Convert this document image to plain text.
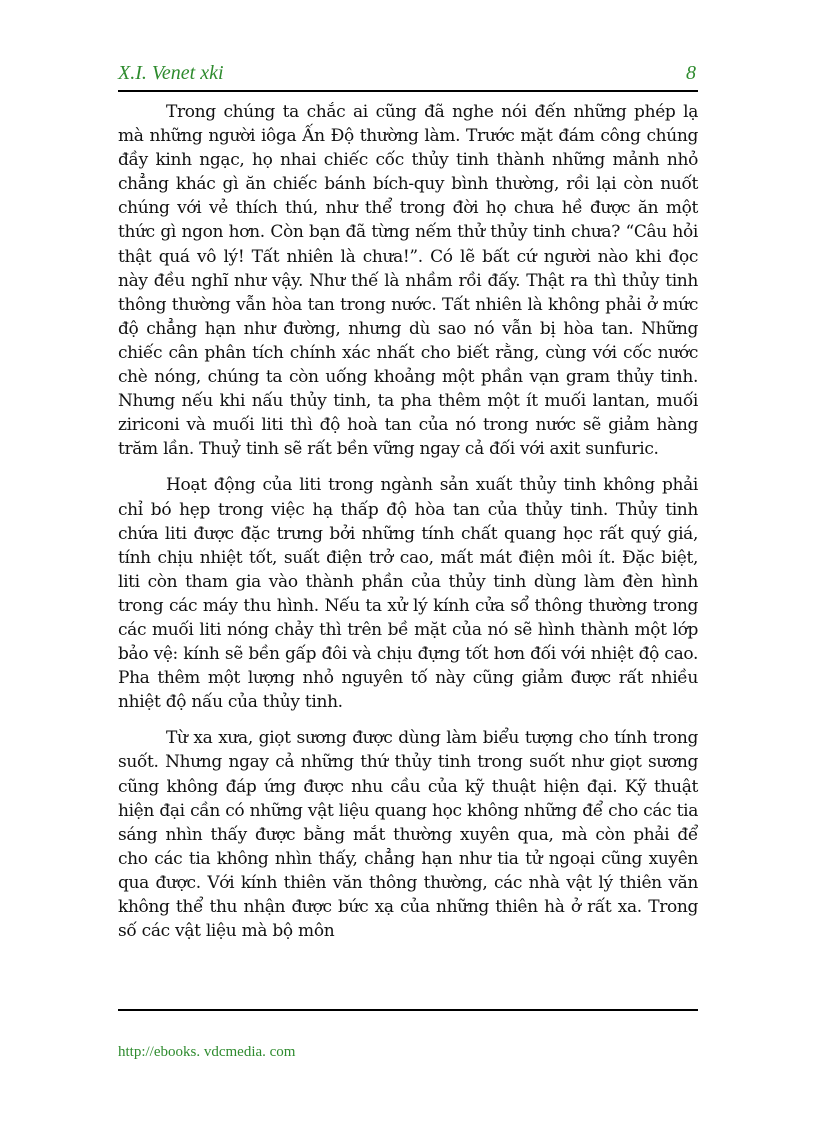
X.I. Venet xki	8

Trong chúng ta chắc ai cũng đã nghe nói đến những phép lạ mà những người iôga Ấn Độ thường làm. Trước mặt đám công chúng đầy kinh ngạc, họ nhai chiếc cốc thủy tinh thành những mảnh nhỏ chẳng khác gì ăn chiếc bánh bích-quy bình thường, rồi lại còn nuốt chúng với vẻ thích thú, như thể trong đời họ chưa hề được ăn một thức gì ngon hơn. Còn bạn đã từng nếm thử thủy tinh chưa? “Câu hỏi thật quá vô lý! Tất nhiên là chưa!”. Có lẽ bất cứ người nào khi đọc này đều nghĩ như vậy. Như thế là nhầm rồi đấy. Thật ra thì thủy tinh thông thường vẫn hòa tan trong nước. Tất nhiên là không phải ở mức độ chẳng hạn như đường, nhưng dù sao nó vẫn bị hòa tan. Những chiếc cân phân tích chính xác nhất cho biết rằng, cùng với cốc nước chè nóng, chúng ta còn uống khoảng một phần vạn gram thủy tinh. Nhưng nếu khi nấu thủy tinh, ta pha thêm một ít muối lantan, muối ziriconi và muối liti thì độ hoà tan của nó trong nước sẽ giảm hàng trăm lần. Thuỷ tinh sẽ rất bền vững ngay cả đối với axit sunfuric.

Hoạt động của liti trong ngành sản xuất thủy tinh không phải chỉ bó hẹp trong việc hạ thấp độ hòa tan của thủy tinh. Thủy tinh chứa liti được đặc trưng bởi những tính chất quang học rất quý giá, tính chịu nhiệt tốt, suất điện trở cao, mất mát điện môi ít. Đặc biệt, liti còn tham gia vào thành phần của thủy tinh dùng làm đèn hình trong các máy thu hình. Nếu ta xử lý kính cửa sổ thông thường trong các muối liti nóng chảy thì trên bề mặt của nó sẽ hình thành một lớp bảo vệ: kính sẽ bền gấp đôi và chịu đựng tốt hơn đối với nhiệt độ cao. Pha thêm một lượng nhỏ nguyên tố này cũng giảm được rất nhiều nhiệt độ nấu của thủy tinh.

Từ xa xưa, giọt sương được dùng làm biểu tượng cho tính trong suốt. Nhưng ngay cả những thứ thủy tinh trong suốt như giọt sương cũng không đáp ứng được nhu cầu của kỹ thuật hiện đại. Kỹ thuật hiện đại cần có những vật liệu quang học không những để cho các tia sáng nhìn thấy được bằng mắt thường xuyên qua, mà còn phải để cho các tia không nhìn thấy, chẳng hạn như tia tử ngoại cũng xuyên qua được. Với kính thiên văn thông thường, các nhà vật lý thiên văn không thể thu nhận được bức xạ của những thiên hà ở rất xa. Trong số các vật liệu mà bộ môn

http://ebooks. vdcmedia. com
